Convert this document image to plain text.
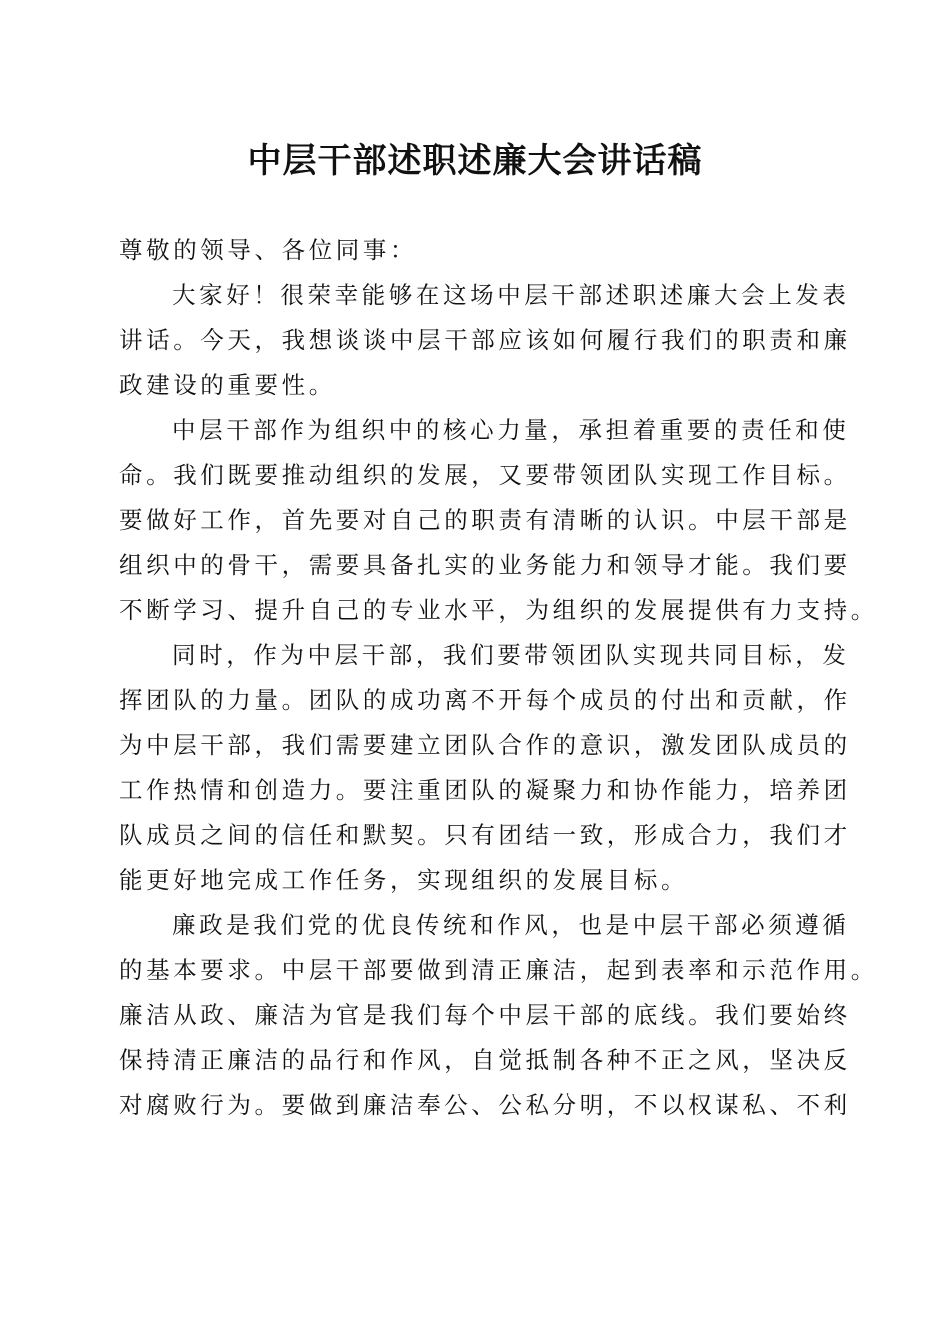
中层干部述职述廉大会讲话稿
尊敬的领导、各位同事：
大家好！很荣幸能够在这场中层干部述职述廉大会上发表
讲话。今天，我想谈谈中层干部应该如何履行我们的职责和廉
政建设的重要性。
中层干部作为组织中的核心力量，承担着重要的责任和使
命。我们既要推动组织的发展，又要带领团队实现工作目标。
要做好工作，首先要对自己的职责有清晰的认识。中层干部是
组织中的骨干，需要具备扎实的业务能力和领导才能。我们要
不断学习、提升自己的专业水平，为组织的发展提供有力支持。
同时，作为中层干部，我们要带领团队实现共同目标，发
挥团队的力量。团队的成功离不开每个成员的付出和贡献，作
为中层干部，我们需要建立团队合作的意识，激发团队成员的
工作热情和创造力。要注重团队的凝聚力和协作能力，培养团
队成员之间的信任和默契。只有团结一致，形成合力，我们才
能更好地完成工作任务，实现组织的发展目标。
廉政是我们党的优良传统和作风，也是中层干部必须遵循
的基本要求。中层干部要做到清正廉洁，起到表率和示范作用。
廉洁从政、廉洁为官是我们每个中层干部的底线。我们要始终
保持清正廉洁的品行和作风，自觉抵制各种不正之风，坚决反
对腐败行为。要做到廉洁奉公、公私分明，不以权谋私、不利
